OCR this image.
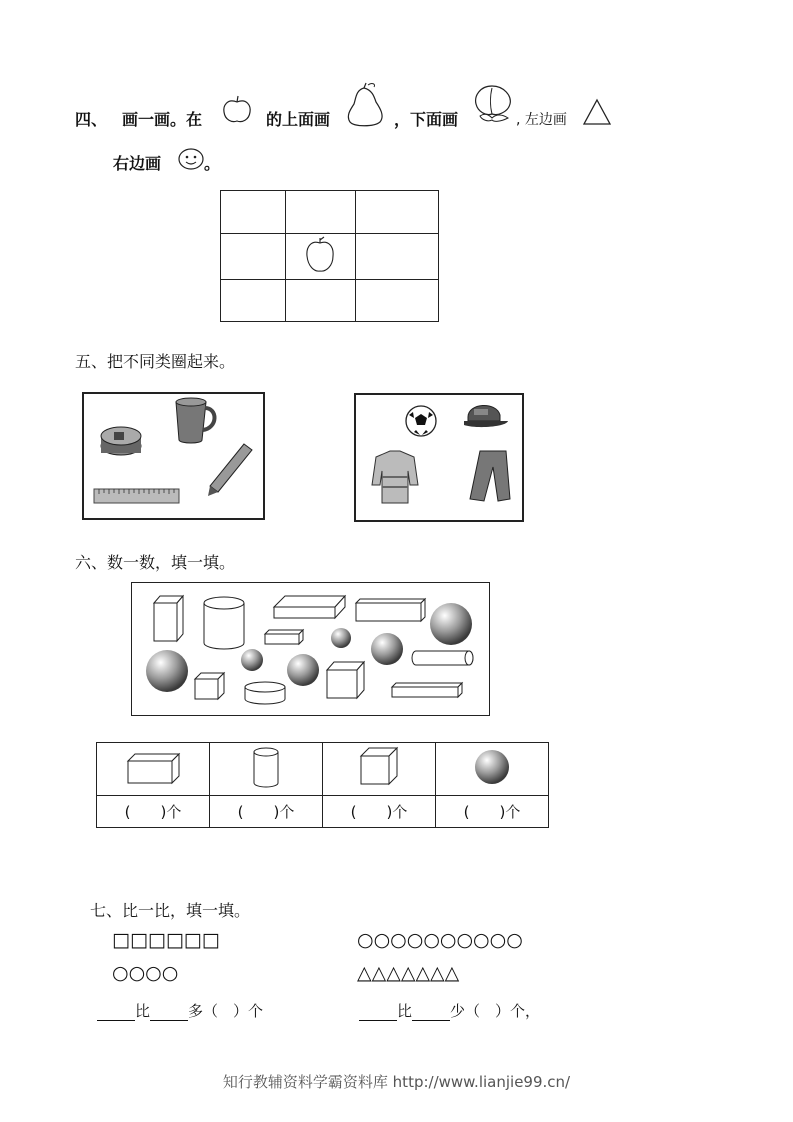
四、 画一画。在	的上面画	，下面画	, 左边画
右边画	。

五、把不同类圈起来。
六、数一数，填一填。

(　　)个	(　　)个	(　　)个	(　　)个
七、比一比，填一填。
□□□□□□	○○○○○○○○○○
○○○○	△△△△△△△
比	多（　）个	比	少（　）个，
知行教辅资料学霸资料库 http://www.lianjie99.cn/
